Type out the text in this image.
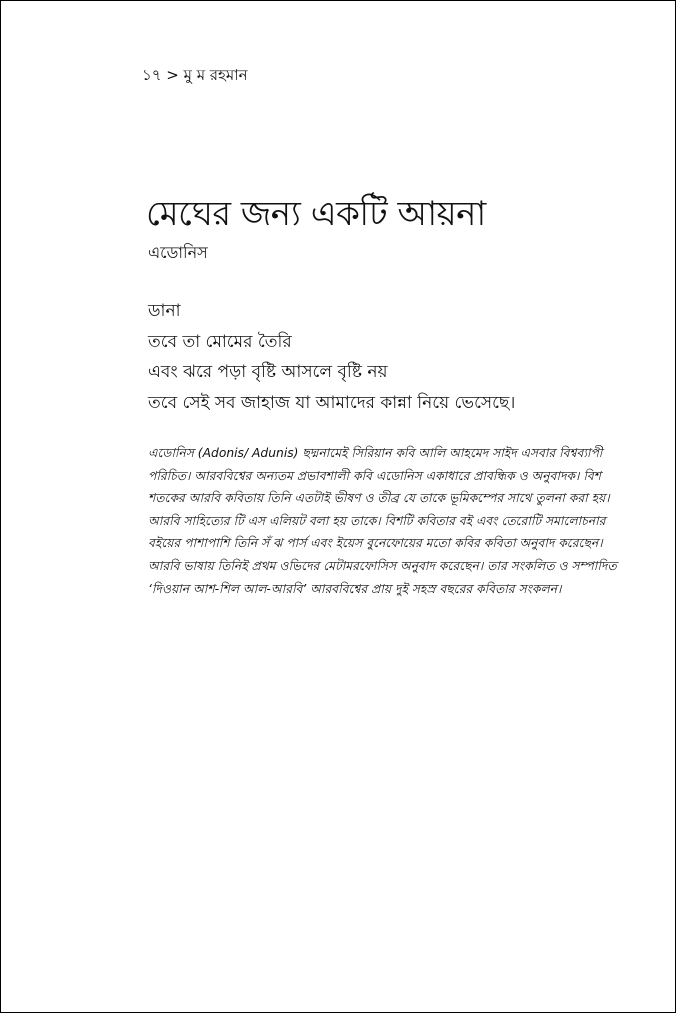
১৭ > মু ম রহমান
মেঘের জন্য একটি আয়না
এডোনিস
ডানা
তবে তা মোমের তৈরি
এবং ঝরে পড়া বৃষ্টি আসলে বৃষ্টি নয়
তবে সেই সব জাহাজ যা আমাদের কান্না নিয়ে ভেসেছে।

এডোনিস (Adonis/ Adunis) ছদ্মনামেই সিরিয়ান কবি আলি আহমেদ সাইদ এসবার বিশ্বব্যাপী পরিচিত। আরববিশ্বের অন্যতম প্রভাবশালী কবি এডোনিস একাধারে প্রাবন্ধিক ও অনুবাদক। বিশ শতকের আরবি কবিতায় তিনি এতটাই ভীষণ ও তীব্র যে তাকে ভূমিকম্পের সাথে তুলনা করা হয়। আরবি সাহিত্যের টি এস এলিয়ট বলা হয় তাকে। বিশটি কবিতার বই এবং তেরোটি সমালোচনার বইয়ের পাশাপাশি তিনি সঁ ঝ পার্স এবং ইয়েস বুনেফোয়ের মতো কবির কবিতা অনুবাদ করেছেন। আরবি ভাষায় তিনিই প্রথম ওভিদের মেটামরফোসিস অনুবাদ করেছেন। তার সংকলিত ও সম্পাদিত ‘দিওয়ান আশ-শিল আল-আরবি’ আরববিশ্বের প্রায় দুই সহস্র বছরের কবিতার সংকলন।
